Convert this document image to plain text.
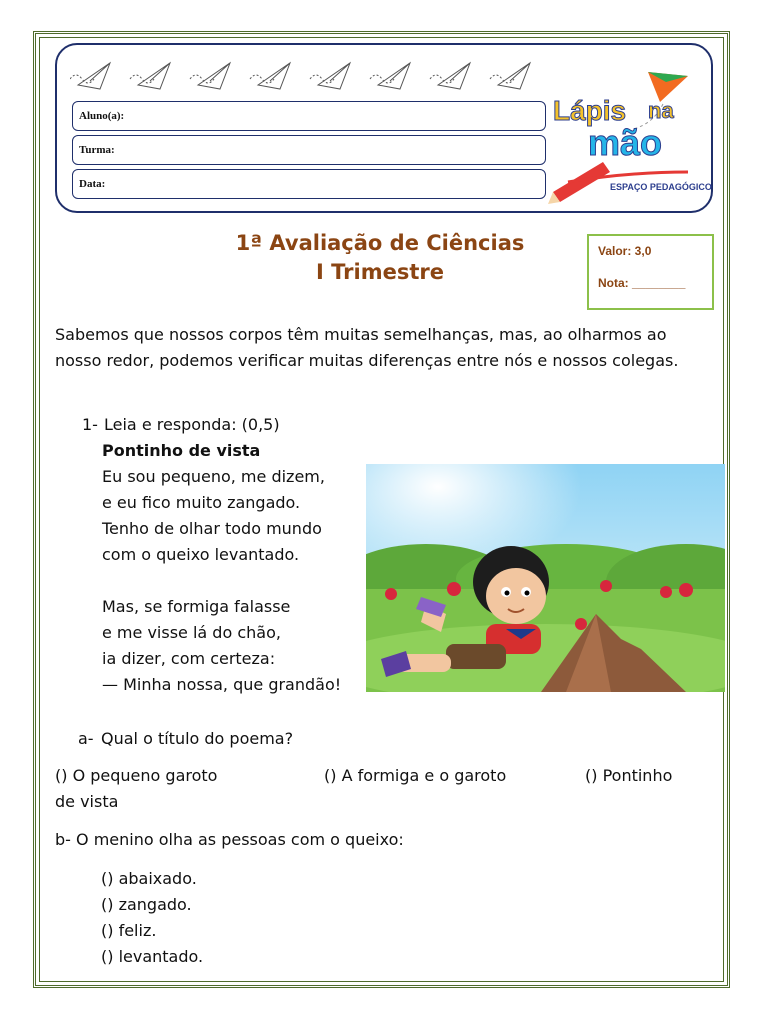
Aluno(a):
Turma:
Data:
Lápis na
mão
ESPAÇO PEDAGÓGICO
1ª Avaliação de Ciências
I Trimestre
Valor: 3,0
Nota: ________
Sabemos que nossos corpos têm muitas semelhanças, mas, ao olharmos ao nosso redor, podemos verificar muitas diferenças entre nós e nossos colegas.
1- Leia e responda: (0,5)
Pontinho de vista
Eu sou pequeno, me dizem,
e eu fico muito zangado.
Tenho de olhar todo mundo
com o queixo levantado.
Mas, se formiga falasse
e me visse lá do chão,
ia dizer, com certeza:
— Minha nossa, que grandão!
a- Qual o título do poema?
() O pequeno garoto	() A formiga e o garoto	() Pontinho
de vista
b- O menino olha as pessoas com o queixo:
() abaixado.
() zangado.
() feliz.
() levantado.
